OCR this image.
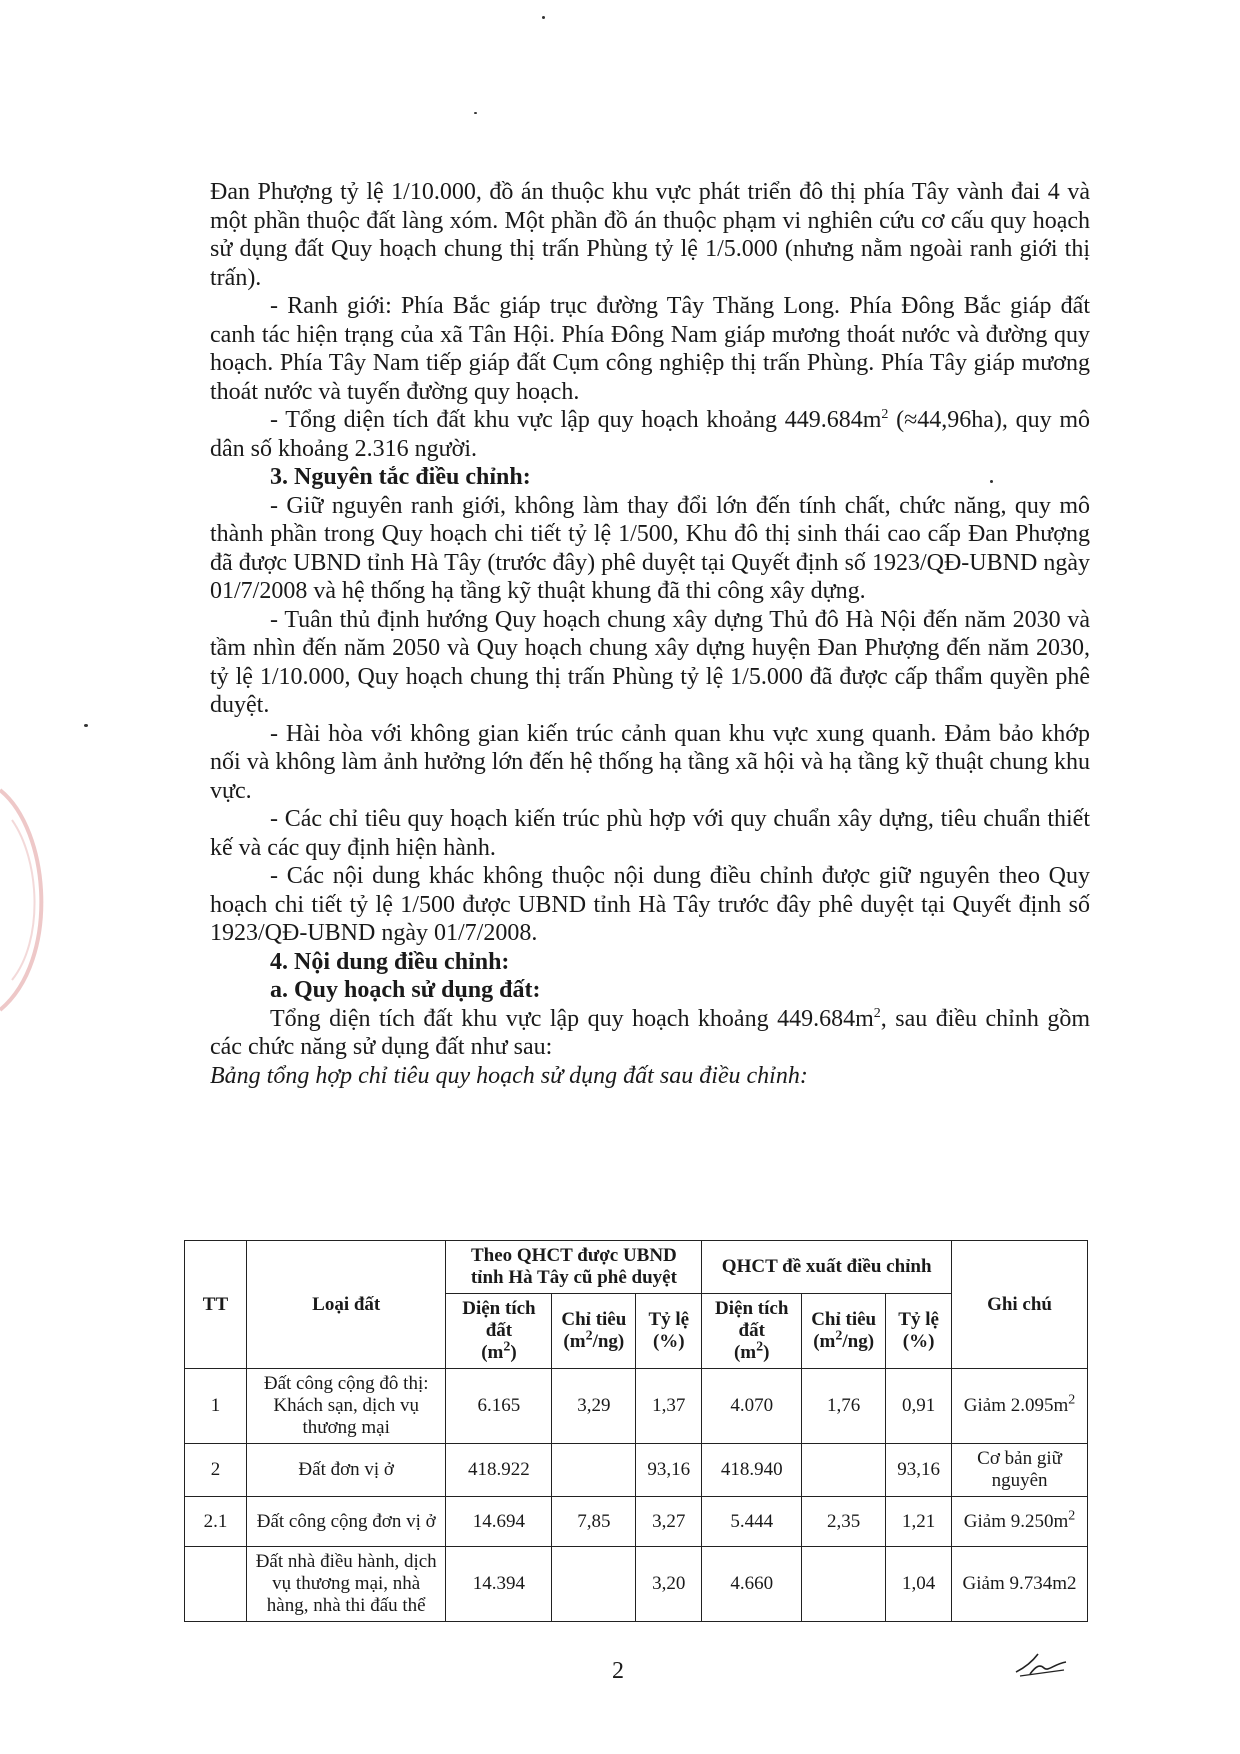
Đan Phượng tỷ lệ 1/10.000, đồ án thuộc khu vực phát triển đô thị phía Tây vành đai 4 và một phần thuộc đất làng xóm. Một phần đồ án thuộc phạm vi nghiên cứu cơ cấu quy hoạch sử dụng đất Quy hoạch chung thị trấn Phùng tỷ lệ 1/5.000 (nhưng nằm ngoài ranh giới thị trấn).

- Ranh giới: Phía Bắc giáp trục đường Tây Thăng Long. Phía Đông Bắc giáp đất canh tác hiện trạng của xã Tân Hội. Phía Đông Nam giáp mương thoát nước và đường quy hoạch. Phía Tây Nam tiếp giáp đất Cụm công nghiệp thị trấn Phùng. Phía Tây giáp mương thoát nước và tuyến đường quy hoạch.

- Tổng diện tích đất khu vực lập quy hoạch khoảng $449.684m^2$ (≈44,96ha), quy mô dân số khoảng 2.316 người.

3. Nguyên tắc điều chỉnh:

- Giữ nguyên ranh giới, không làm thay đổi lớn đến tính chất, chức năng, quy mô thành phần trong Quy hoạch chi tiết tỷ lệ 1/500, Khu đô thị sinh thái cao cấp Đan Phượng đã được UBND tỉnh Hà Tây (trước đây) phê duyệt tại Quyết định số 1923/QĐ-UBND ngày 01/7/2008 và hệ thống hạ tầng kỹ thuật khung đã thi công xây dựng.

- Tuân thủ định hướng Quy hoạch chung xây dựng Thủ đô Hà Nội đến năm 2030 và tầm nhìn đến năm 2050 và Quy hoạch chung xây dựng huyện Đan Phượng đến năm 2030, tỷ lệ 1/10.000, Quy hoạch chung thị trấn Phùng tỷ lệ 1/5.000 đã được cấp thẩm quyền phê duyệt.

- Hài hòa với không gian kiến trúc cảnh quan khu vực xung quanh. Đảm bảo khớp nối và không làm ảnh hưởng lớn đến hệ thống hạ tầng xã hội và hạ tầng kỹ thuật chung khu vực.

- Các chỉ tiêu quy hoạch kiến trúc phù hợp với quy chuẩn xây dựng, tiêu chuẩn thiết kế và các quy định hiện hành.

- Các nội dung khác không thuộc nội dung điều chỉnh được giữ nguyên theo Quy hoạch chi tiết tỷ lệ 1/500 được UBND tỉnh Hà Tây trước đây phê duyệt tại Quyết định số 1923/QĐ-UBND ngày 01/7/2008.

4. Nội dung điều chỉnh:
a. Quy hoạch sử dụng đất:

Tổng diện tích đất khu vực lập quy hoạch khoảng $449.684m^2$, sau điều chỉnh gồm các chức năng sử dụng đất như sau:

Bảng tổng hợp chỉ tiêu quy hoạch sử dụng đất sau điều chỉnh:

TT	Loại đất	Theo QHCT được UBND tỉnh Hà Tây cũ phê duyệt			QHCT đề xuất điều chỉnh			Ghi chú
		Diện tích đất
$(m^2)$	Chỉ tiêu
$(m^2/ng)$	Tỷ lệ (%)	Diện tích đất
$(m^2)$	Chỉ tiêu
$(m^2/ng)$	Tỷ lệ (%)	
1	Đất công cộng đô thị: Khách sạn, dịch vụ thương mại	6.165	3,29	1,37	4.070	1,76	0,91	Giảm $2.095m^2$
2	Đất đơn vị ở	418.922		93,16	418.940		93,16	Cơ bản giữ nguyên
2.1	Đất công cộng đơn vị ở	14.694	7,85	3,27	5.444	2,35	1,21	Giảm $9.250m^2$
	Đất nhà điều hành, dịch vụ thương mại, nhà hàng, nhà thi đấu thể	14.394		3,20	4.660		1,04	Giảm 9.734m2
2
